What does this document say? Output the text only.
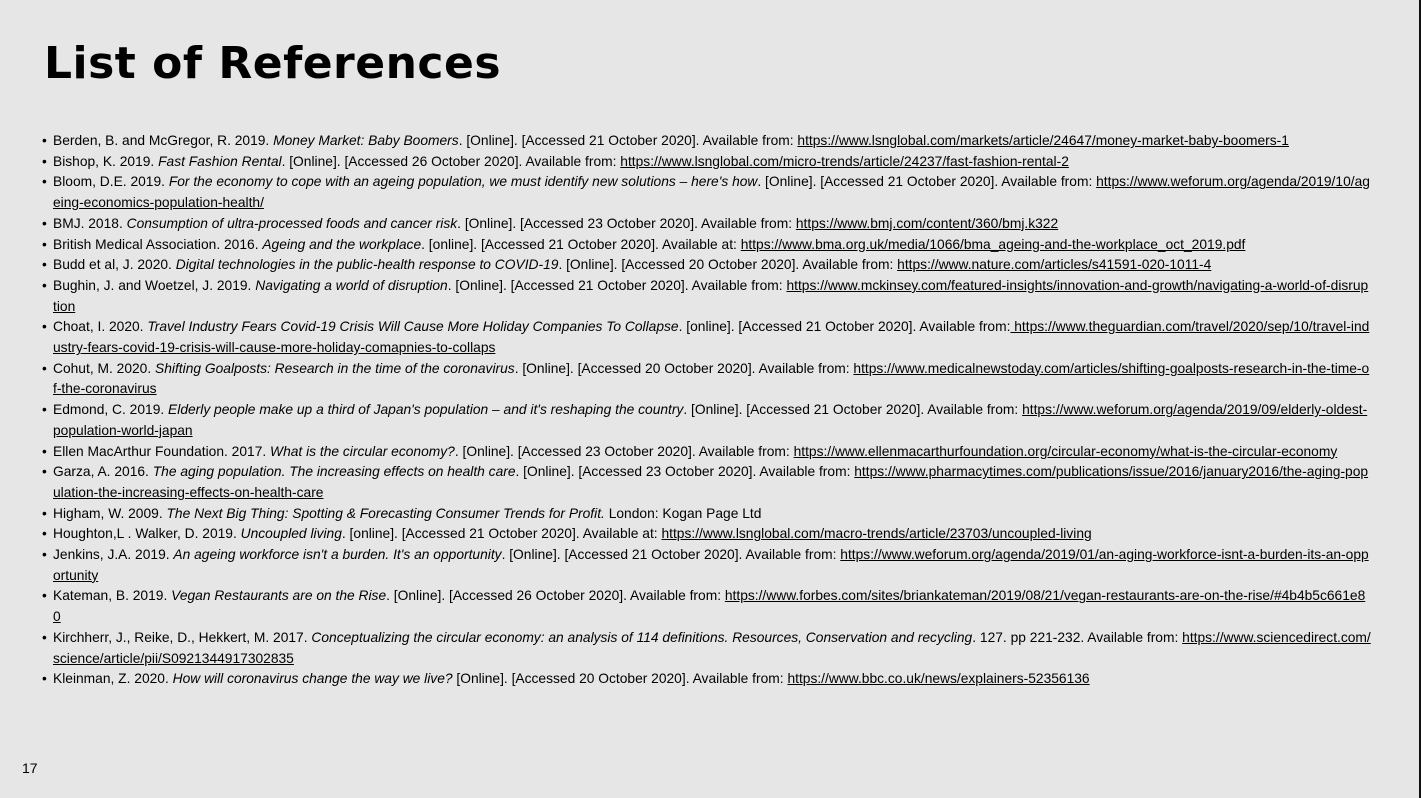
List of References
• Berden, B. and McGregor, R. 2019. Money Market: Baby Boomers. [Online]. [Accessed 21 October 2020]. Available from: https://www.lsnglobal.com/markets/article/24647/money-market-baby-boomers-1
• Bishop, K. 2019. Fast Fashion Rental. [Online]. [Accessed 26 October 2020]. Available from: https://www.lsnglobal.com/micro-trends/article/24237/fast-fashion-rental-2
• Bloom, D.E. 2019. For the economy to cope with an ageing population, we must identify new solutions – here's how. [Online]. [Accessed 21 October 2020]. Available from: https://www.weforum.org/agenda/2019/10/ageing-economics-population-health/
• BMJ. 2018. Consumption of ultra-processed foods and cancer risk. [Online]. [Accessed 23 October 2020]. Available from: https://www.bmj.com/content/360/bmj.k322
• British Medical Association. 2016. Ageing and the workplace. [online]. [Accessed 21 October 2020]. Available at: https://www.bma.org.uk/media/1066/bma_ageing-and-the-workplace_oct_2019.pdf
• Budd et al, J. 2020. Digital technologies in the public-health response to COVID-19. [Online]. [Accessed 20 October 2020]. Available from: https://www.nature.com/articles/s41591-020-1011-4
• Bughin, J. and Woetzel, J. 2019. Navigating a world of disruption. [Online]. [Accessed 21 October 2020]. Available from: https://www.mckinsey.com/featured-insights/innovation-and-growth/navigating-a-world-of-disruption
• Choat, I. 2020. Travel Industry Fears Covid-19 Crisis Will Cause More Holiday Companies To Collapse. [online]. [Accessed 21 October 2020]. Available from: https://www.theguardian.com/travel/2020/sep/10/travel-industry-fears-covid-19-crisis-will-cause-more-holiday-comapnies-to-collaps
• Cohut, M. 2020. Shifting Goalposts: Research in the time of the coronavirus. [Online]. [Accessed 20 October 2020]. Available from: https://www.medicalnewstoday.com/articles/shifting-goalposts-research-in-the-time-of-the-coronavirus
• Edmond, C. 2019. Elderly people make up a third of Japan's population – and it's reshaping the country. [Online]. [Accessed 21 October 2020]. Available from: https://www.weforum.org/agenda/2019/09/elderly-oldest-population-world-japan
• Ellen MacArthur Foundation. 2017. What is the circular economy?. [Online]. [Accessed 23 October 2020]. Available from: https://www.ellenmacarthurfoundation.org/circular-economy/what-is-the-circular-economy
• Garza, A. 2016. The aging population. The increasing effects on health care. [Online]. [Accessed 23 October 2020]. Available from: https://www.pharmacytimes.com/publications/issue/2016/january2016/the-aging-population-the-increasing-effects-on-health-care
• Higham, W. 2009. The Next Big Thing: Spotting & Forecasting Consumer Trends for Profit. London: Kogan Page Ltd
• Houghton,L . Walker, D. 2019. Uncoupled living. [online]. [Accessed 21 October 2020]. Available at: https://www.lsnglobal.com/macro-trends/article/23703/uncoupled-living
• Jenkins, J.A. 2019. An ageing workforce isn't a burden. It's an opportunity. [Online]. [Accessed 21 October 2020]. Available from: https://www.weforum.org/agenda/2019/01/an-aging-workforce-isnt-a-burden-its-an-opportunity
• Kateman, B. 2019. Vegan Restaurants are on the Rise. [Online]. [Accessed 26 October 2020]. Available from: https://www.forbes.com/sites/briankateman/2019/08/21/vegan-restaurants-are-on-the-rise/#4b4b5c661e80
• Kirchherr, J., Reike, D., Hekkert, M. 2017. Conceptualizing the circular economy: an analysis of 114 definitions. Resources, Conservation and recycling. 127. pp 221-232. Available from: https://www.sciencedirect.com/science/article/pii/S0921344917302835
• Kleinman, Z. 2020. How will coronavirus change the way we live? [Online]. [Accessed 20 October 2020]. Available from: https://www.bbc.co.uk/news/explainers-52356136
17
